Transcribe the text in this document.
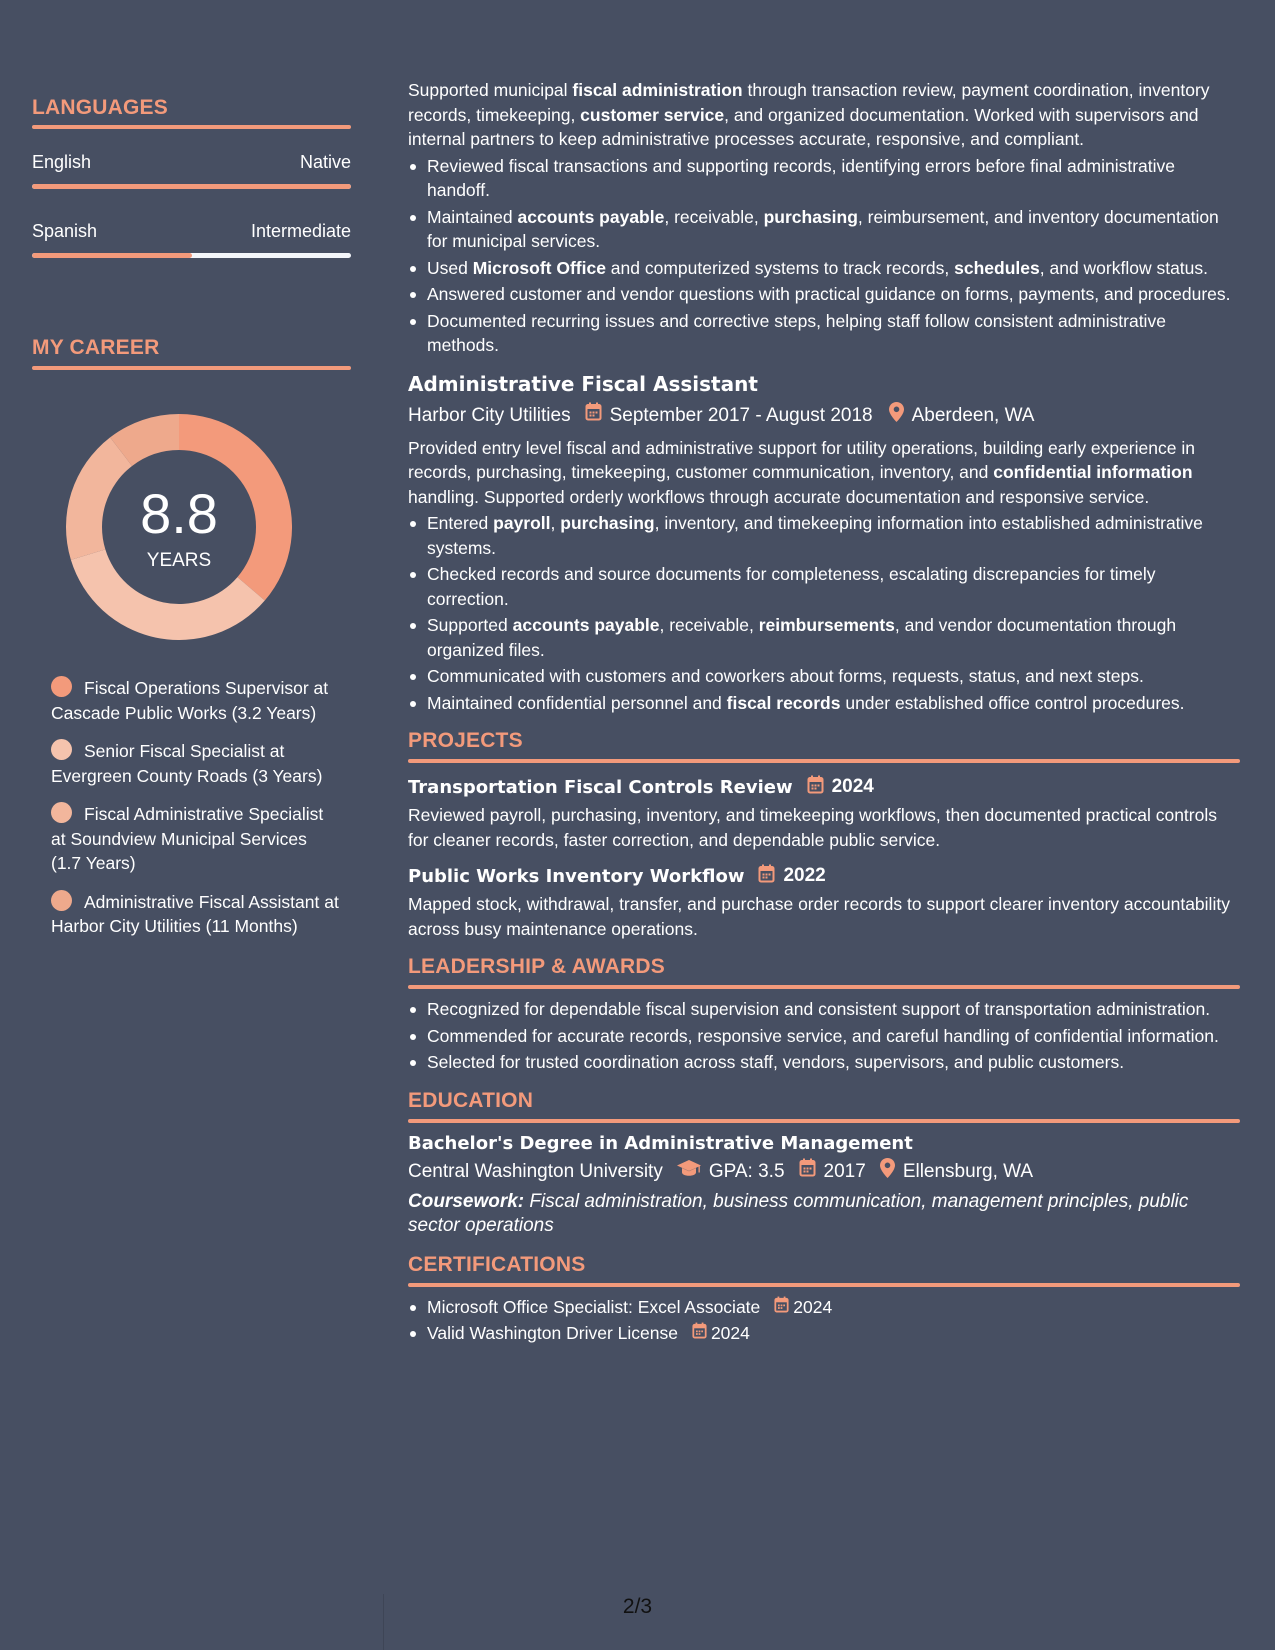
LANGUAGES
English	Native
Spanish	Intermediate
MY CAREER
8.8
YEARS
Fiscal Operations Supervisor at Cascade Public Works (3.2 Years)
Senior Fiscal Specialist at Evergreen County Roads (3 Years)
Fiscal Administrative Specialist at Soundview Municipal Services (1.7 Years)
Administrative Fiscal Assistant at Harbor City Utilities (11 Months)

Supported municipal fiscal administration through transaction review, payment coordination, inventory records, timekeeping, customer service, and organized documentation. Worked with supervisors and internal partners to keep administrative processes accurate, responsive, and compliant.

Reviewed fiscal transactions and supporting records, identifying errors before final administrative handoff.
Maintained accounts payable, receivable, purchasing, reimbursement, and inventory documentation for municipal services.
Used Microsoft Office and computerized systems to track records, schedules, and workflow status.
Answered customer and vendor questions with practical guidance on forms, payments, and procedures.
Documented recurring issues and corrective steps, helping staff follow consistent administrative methods.
Administrative Fiscal Assistant
Harbor City Utilities September 2017 - August 2018 Aberdeen, WA

Provided entry level fiscal and administrative support for utility operations, building early experience in records, purchasing, timekeeping, customer communication, inventory, and confidential information handling. Supported orderly workflows through accurate documentation and responsive service.

Entered payroll, purchasing, inventory, and timekeeping information into established administrative systems.
Checked records and source documents for completeness, escalating discrepancies for timely correction.
Supported accounts payable, receivable, reimbursements, and vendor documentation through organized files.
Communicated with customers and coworkers about forms, requests, status, and next steps.
Maintained confidential personnel and fiscal records under established office control procedures.
PROJECTS
Transportation Fiscal Controls Review 2024

Reviewed payroll, purchasing, inventory, and timekeeping workflows, then documented practical controls for cleaner records, faster correction, and dependable public service.

Public Works Inventory Workflow 2022

Mapped stock, withdrawal, transfer, and purchase order records to support clearer inventory accountability across busy maintenance operations.

LEADERSHIP & AWARDS
Recognized for dependable fiscal supervision and consistent support of transportation administration.
Commended for accurate records, responsive service, and careful handling of confidential information.
Selected for trusted coordination across staff, vendors, supervisors, and public customers.
EDUCATION
Bachelor's Degree in Administrative Management
Central Washington University GPA: 3.5 2017 Ellensburg, WA

Coursework: Fiscal administration, business communication, management principles, public sector operations

CERTIFICATIONS
Microsoft Office Specialist: Excel Associate 2024
Valid Washington Driver License 2024
2/3
